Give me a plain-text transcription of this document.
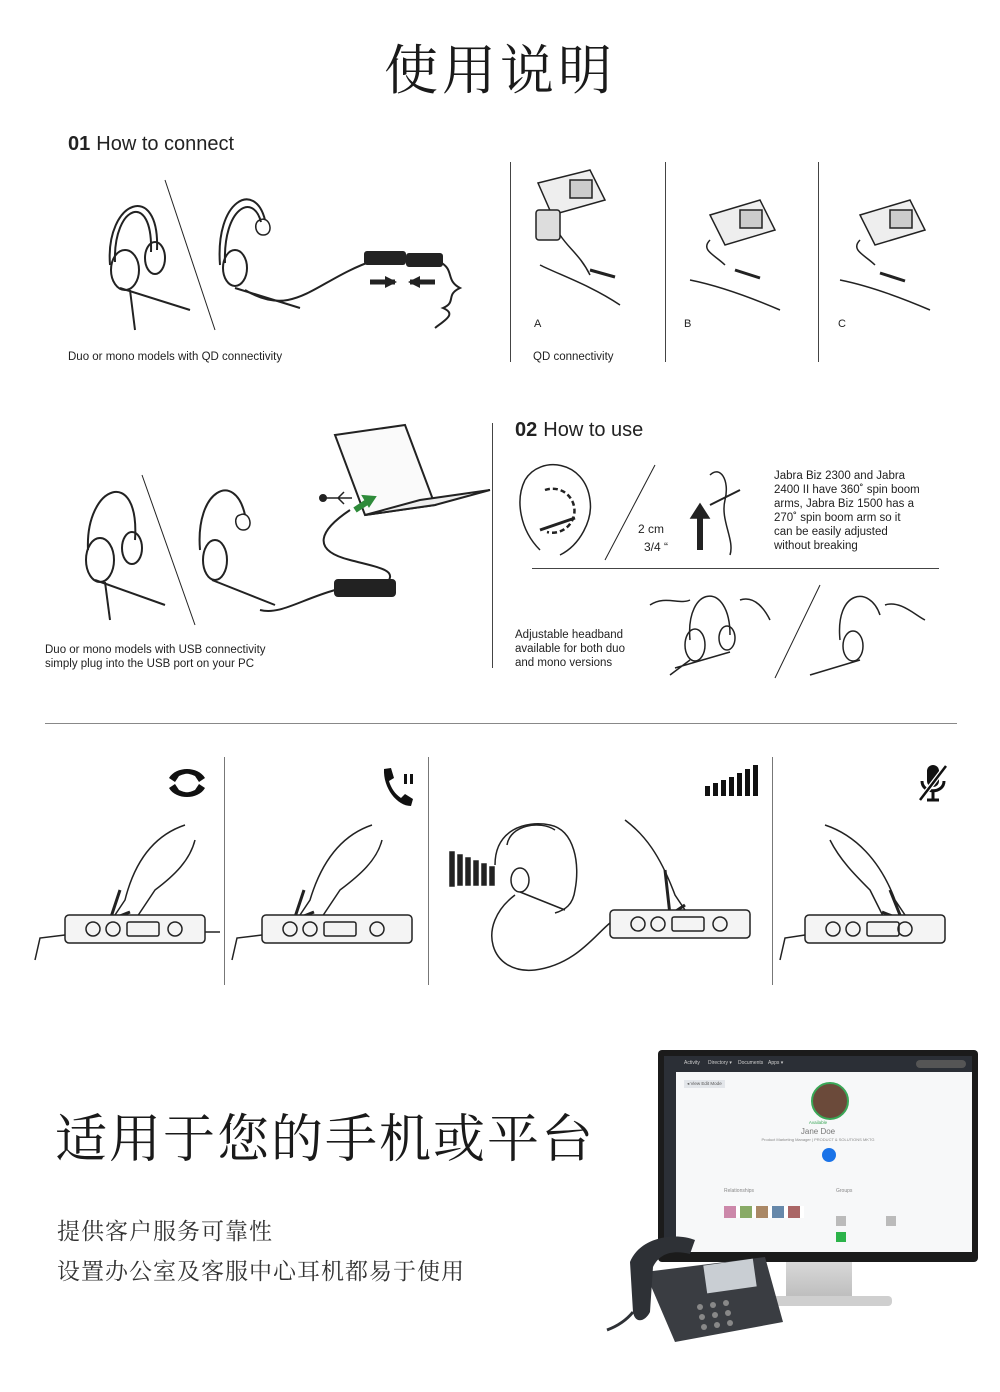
使用说明
01 How to connect
Duo or mono models with QD connectivity
A	B	C
QD connectivity
Duo or mono models with USB connectivity
simply plug into the USB port on your PC
02 How to use
2 cm
3/4 “
Jabra Biz 2300 and Jabra
2400 II have 360˚ spin boom
arms, Jabra Biz 1500 has a
270˚ spin boom arm so it
can be easily adjusted
without breaking
Adjustable headband
available for both duo
and mono versions
适用于您的手机或平台
提供客户服务可靠性
设置办公室及客服中心耳机都易于使用
Activity Directory ▾ Documents Apps ▾
◂ View Edit Mode
Available
Jane Doe
Product Marketing Manager | PRODUCT & SOLUTIONS MKTG
Relationships	Groups
